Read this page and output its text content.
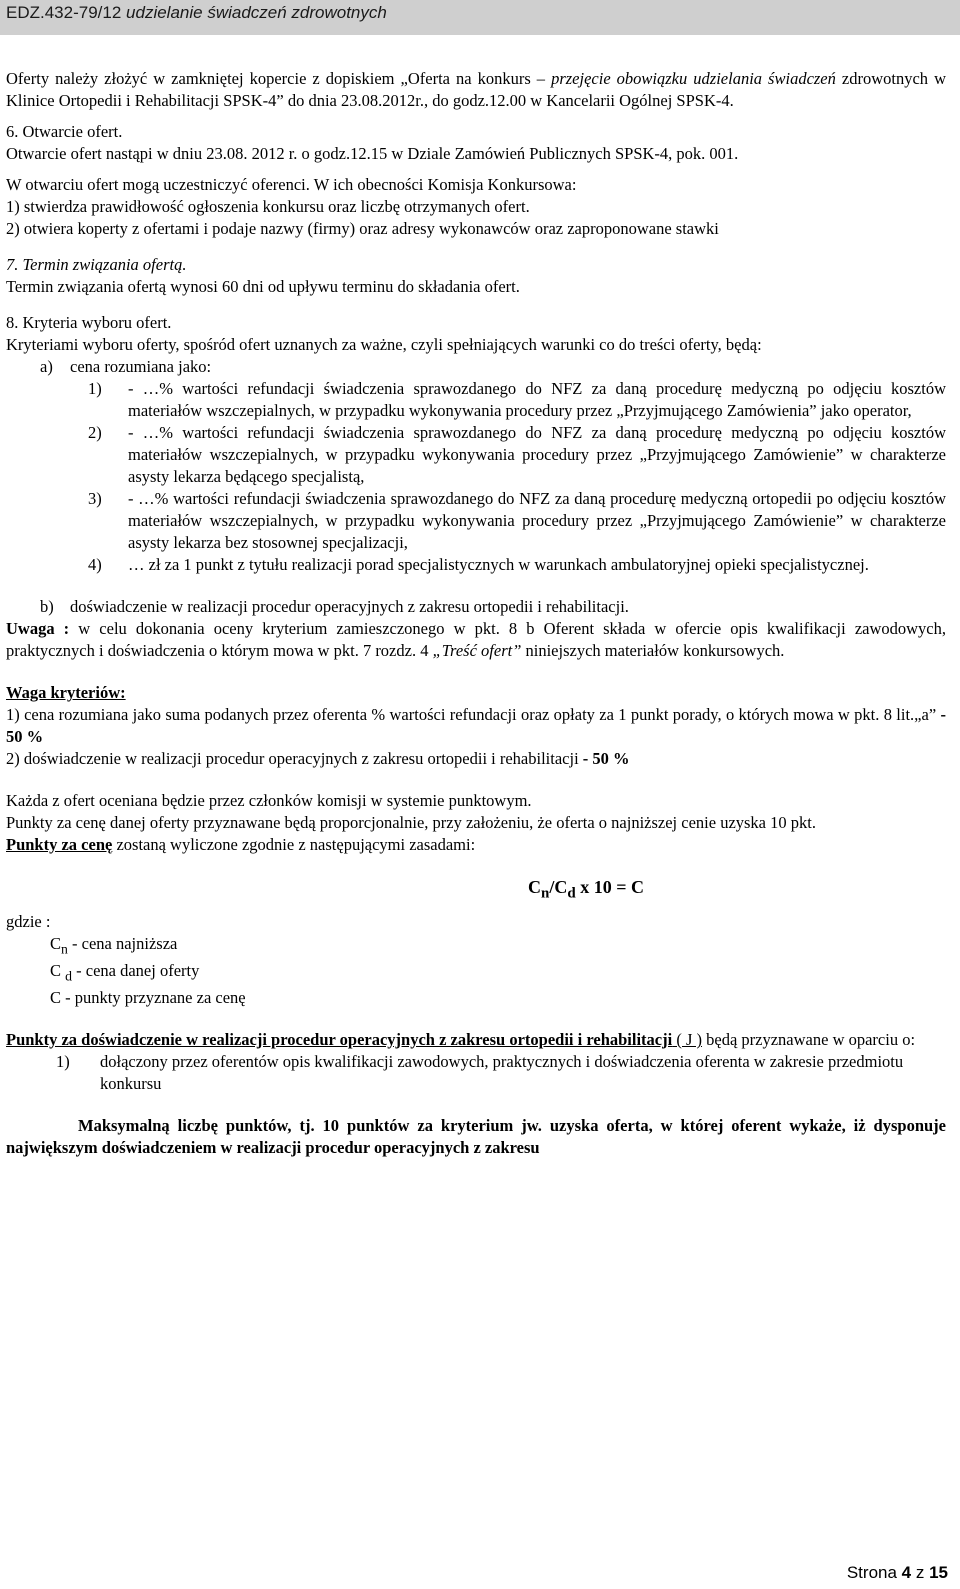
EDZ.432-79/12 udzielanie świadczeń zdrowotnych

Oferty należy złożyć w zamkniętej kopercie z dopiskiem „Oferta na konkurs – przejęcie obowiązku udzielania świadczeń zdrowotnych w Klinice Ortopedii i Rehabilitacji SPSK-4” do dnia 23.08.2012r., do godz.12.00 w Kancelarii Ogólnej SPSK-4.

6. Otwarcie ofert.

Otwarcie ofert nastąpi w dniu 23.08. 2012 r. o godz.12.15 w Dziale Zamówień Publicznych SPSK-4, pok. 001.

W otwarciu ofert mogą uczestniczyć oferenci. W ich obecności Komisja Konkursowa:

1) stwierdza prawidłowość ogłoszenia konkursu oraz liczbę otrzymanych ofert.

2) otwiera koperty z ofertami i podaje nazwy (firmy) oraz adresy wykonawców oraz zaproponowane stawki

7. Termin związania ofertą.

Termin związania ofertą wynosi 60 dni od upływu terminu do składania ofert.

8. Kryteria wyboru ofert.

Kryteriami wyboru oferty, spośród ofert uznanych za ważne, czyli spełniających warunki co do treści oferty, będą:

a)	cena rozumiana jako:
1)	- …% wartości refundacji świadczenia sprawozdanego do NFZ za daną procedurę medyczną po odjęciu kosztów materiałów wszczepialnych, w przypadku wykonywania procedury przez „Przyjmującego Zamówienia” jako operator,
2)	- …% wartości refundacji świadczenia sprawozdanego do NFZ za daną procedurę medyczną po odjęciu kosztów materiałów wszczepialnych, w przypadku wykonywania procedury przez „Przyjmującego Zamówienie” w charakterze asysty lekarza będącego specjalistą,
3)	- …% wartości refundacji świadczenia sprawozdanego do NFZ za daną procedurę medyczną ortopedii po odjęciu kosztów materiałów wszczepialnych, w przypadku wykonywania procedury przez „Przyjmującego Zamówienie” w charakterze asysty lekarza bez stosownej specjalizacji,
4)	… zł za 1 punkt z tytułu realizacji porad specjalistycznych w warunkach ambulatoryjnej opieki specjalistycznej.
b) doświadczenie w realizacji procedur operacyjnych z zakresu ortopedii i rehabilitacji.

Uwaga : w celu dokonania oceny kryterium zamieszczonego w pkt. 8 b Oferent składa w ofercie opis kwalifikacji zawodowych, praktycznych i doświadczenia o którym mowa w pkt. 7 rozdz. 4 „Treść ofert” niniejszych materiałów konkursowych.

Waga kryteriów:

1) cena rozumiana jako suma podanych przez oferenta % wartości refundacji oraz opłaty za 1 punkt porady, o których mowa w pkt. 8 lit.„a” - 50 %

2) doświadczenie w realizacji procedur operacyjnych z zakresu ortopedii i rehabilitacji - 50 %

Każda z ofert oceniana będzie przez członków komisji w systemie punktowym.

Punkty za cenę danej oferty przyznawane będą proporcjonalnie, przy założeniu, że oferta o najniższej cenie uzyska 10 pkt.

Punkty za cenę zostaną wyliczone zgodnie z następującymi zasadami:

$C_n/C_d$ x 10 = C

gdzie :

$C_n$ - cena najniższa

C $_d$ - cena danej oferty

C - punkty przyznane za cenę

Punkty za doświadczenie w realizacji procedur operacyjnych z zakresu ortopedii i rehabilitacji ( J ) będą przyznawane w oparciu o:

1)	dołączony przez oferentów opis kwalifikacji zawodowych, praktycznych i doświadczenia oferenta w zakresie przedmiotu konkursu

Maksymalną liczbę punktów, tj. 10 punktów za kryterium jw. uzyska oferta, w której oferent wykaże, iż dysponuje największym doświadczeniem w realizacji procedur operacyjnych z zakresu

Strona 4 z 15
